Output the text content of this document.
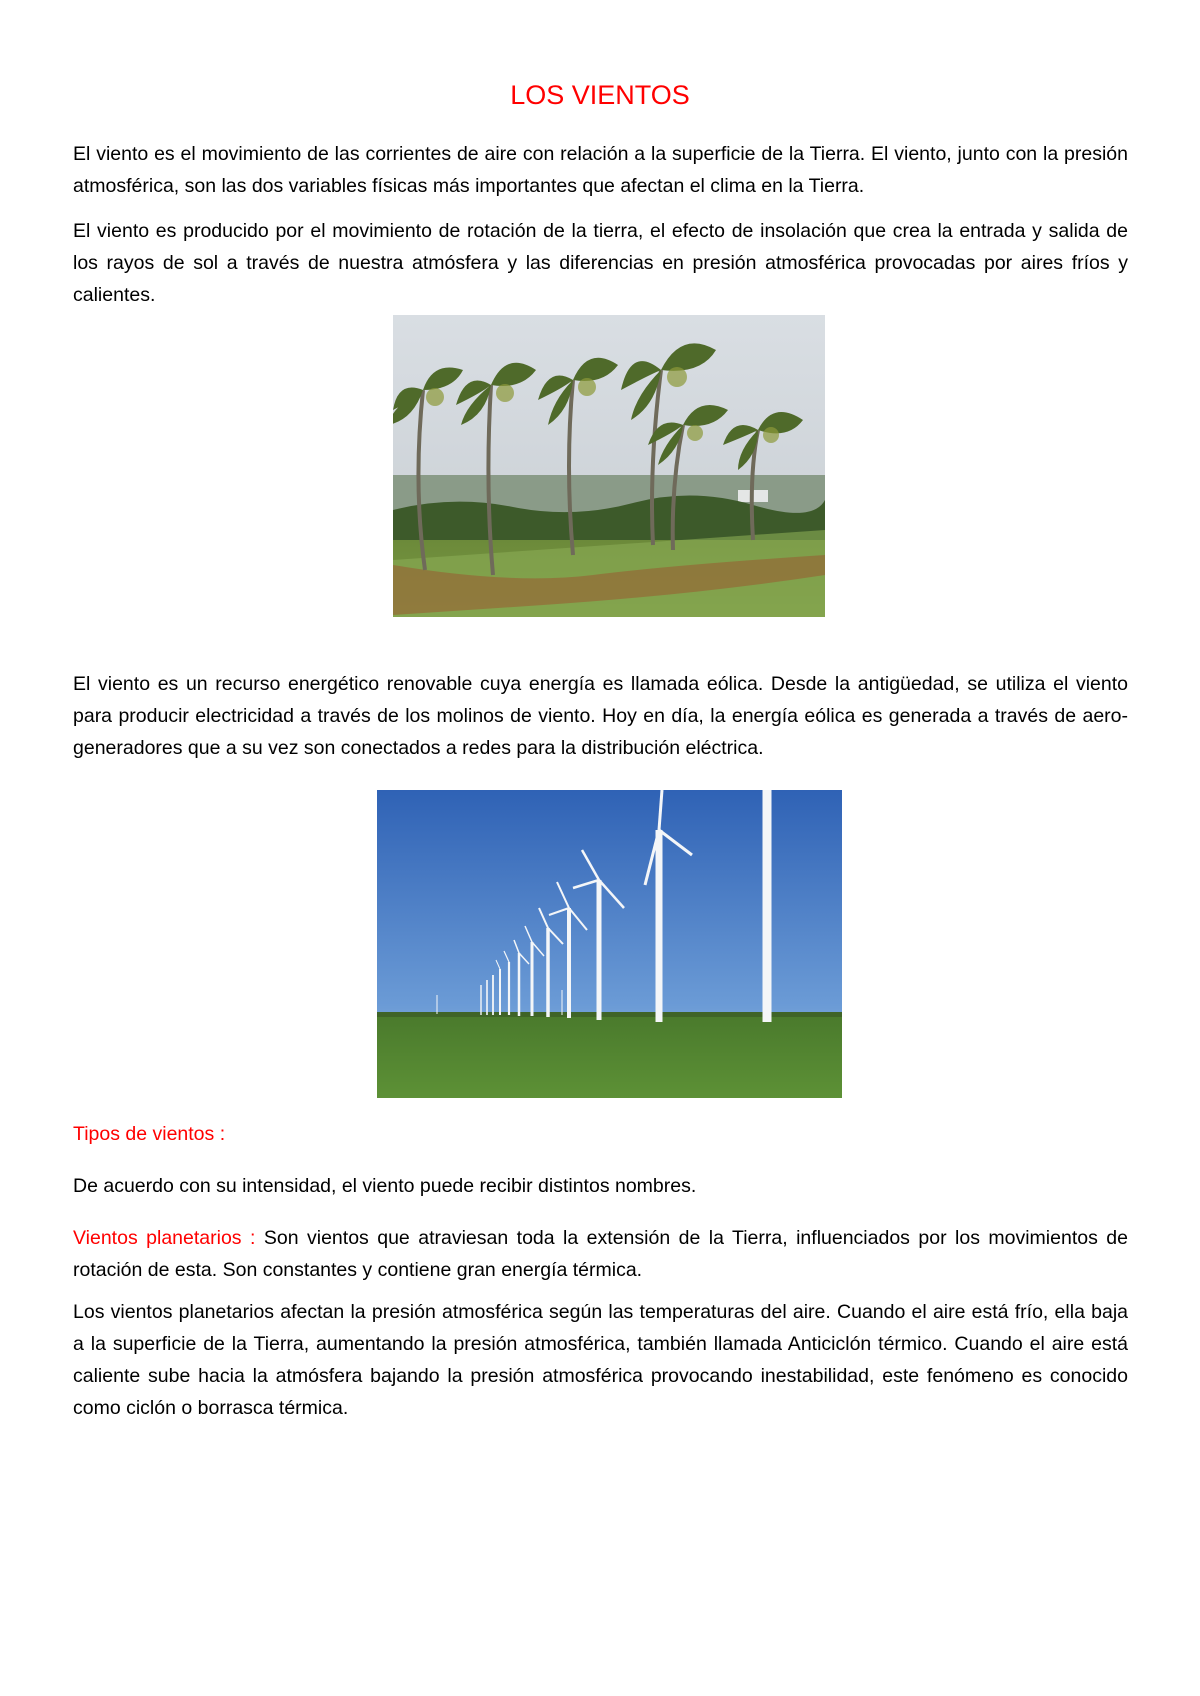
LOS VIENTOS

El viento es el movimiento de las corrientes de aire con relación a la superficie de la Tierra. El viento, junto con la presión atmosférica, son las dos variables físicas más importantes que afectan el clima en la Tierra.

El viento es producido por el movimiento de rotación de la tierra, el efecto de insolación que crea la entrada y salida de los rayos de sol a través de nuestra atmósfera y las diferencias en presión atmosférica provocadas por aires fríos y calientes.

El viento es un recurso energético renovable cuya energía es llamada eólica. Desde la antigüedad, se utiliza el viento para producir electricidad a través de los molinos de viento. Hoy en día, la energía eólica es generada a través de aero-generadores que a su vez son conectados a redes para la distribución eléctrica.

Tipos de vientos :

De acuerdo con su intensidad, el viento puede recibir distintos nombres.

Vientos planetarios : Son vientos que atraviesan toda la extensión de la Tierra, influenciados por los movimientos de rotación de esta. Son constantes y contiene gran energía térmica.

Los vientos planetarios afectan la presión atmosférica según las temperaturas del aire. Cuando el aire está frío, ella baja a la superficie de la Tierra, aumentando la presión atmosférica, también llamada Anticiclón térmico. Cuando el aire está caliente sube hacia la atmósfera bajando la presión atmosférica provocando inestabilidad, este fenómeno es conocido como ciclón o borrasca térmica.
